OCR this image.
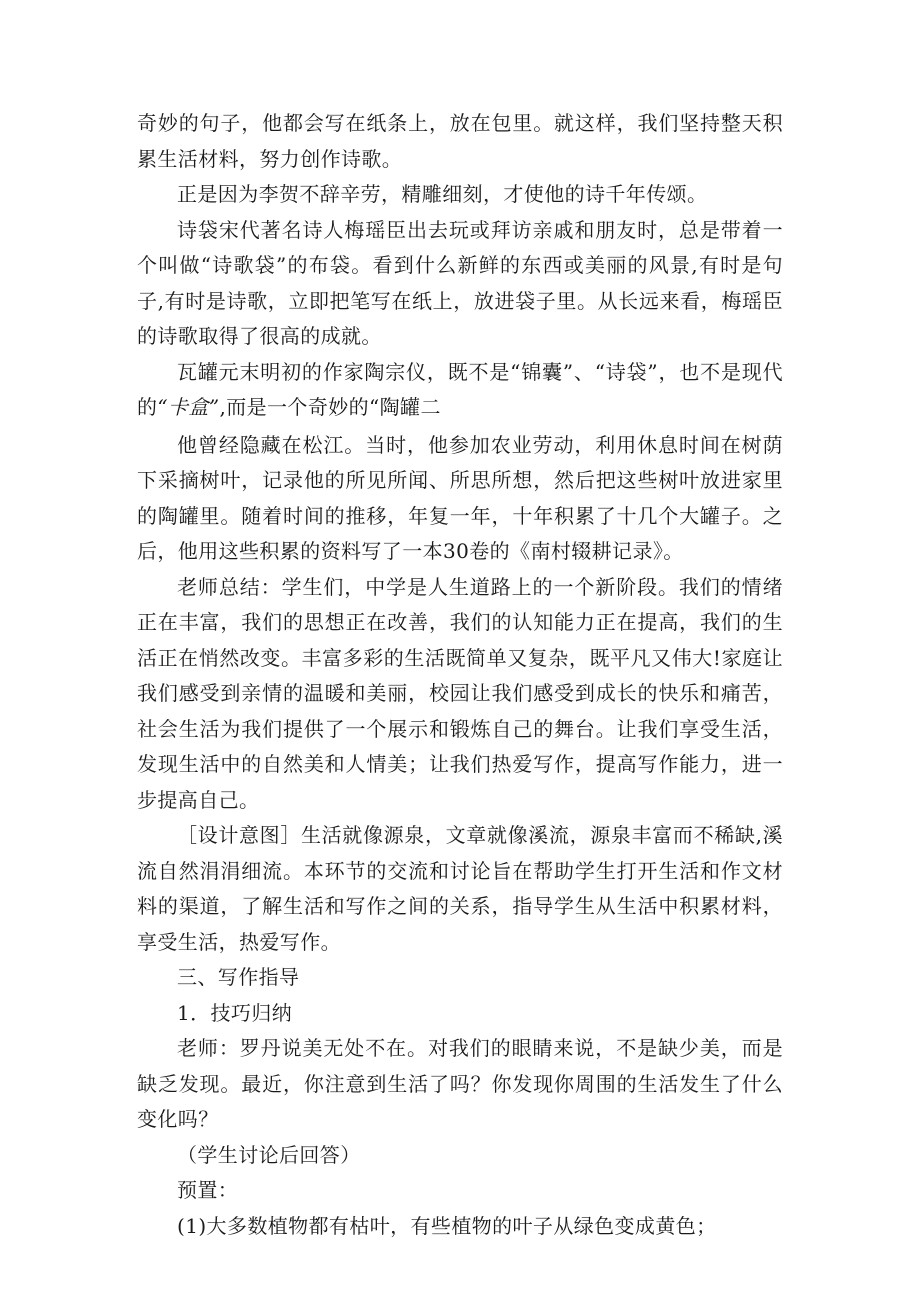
奇妙的句子，他都会写在纸条上，放在包里。就这样，我们坚持整天积累生活材料，努力创作诗歌。

正是因为李贺不辞辛劳，精雕细刻，才使他的诗千年传颂。

诗袋宋代著名诗人梅瑶臣出去玩或拜访亲戚和朋友时，总是带着一个叫做“诗歌袋”的布袋。看到什么新鲜的东西或美丽的风景,有时是句子,有时是诗歌，立即把笔写在纸上，放进袋子里。从长远来看，梅瑶臣的诗歌取得了很高的成就。

瓦罐元末明初的作家陶宗仪，既不是“锦囊”、“诗袋”，也不是现代的“卡盒”,而是一个奇妙的“陶罐二

他曾经隐藏在松江。当时，他参加农业劳动，利用休息时间在树荫下采摘树叶，记录他的所见所闻、所思所想，然后把这些树叶放进家里的陶罐里。随着时间的推移，年复一年，十年积累了十几个大罐子。之后，他用这些积累的资料写了一本30卷的《南村辍耕记录》。

老师总结：学生们，中学是人生道路上的一个新阶段。我们的情绪正在丰富，我们的思想正在改善，我们的认知能力正在提高，我们的生活正在悄然改变。丰富多彩的生活既简单又复杂，既平凡又伟大!家庭让我们感受到亲情的温暖和美丽，校园让我们感受到成长的快乐和痛苦，社会生活为我们提供了一个展示和锻炼自己的舞台。让我们享受生活，发现生活中的自然美和人情美；让我们热爱写作，提高写作能力，进一步提高自己。

［设计意图］生活就像源泉，文章就像溪流，源泉丰富而不稀缺,溪流自然涓涓细流。本环节的交流和讨论旨在帮助学生打开生活和作文材料的渠道，了解生活和写作之间的关系，指导学生从生活中积累材料，享受生活，热爱写作。

三、写作指导

1．技巧归纳

老师：罗丹说美无处不在。对我们的眼睛来说，不是缺少美，而是缺乏发现。最近，你注意到生活了吗？你发现你周围的生活发生了什么变化吗？

（学生讨论后回答）

预置：

(1)大多数植物都有枯叶，有些植物的叶子从绿色变成黄色；
